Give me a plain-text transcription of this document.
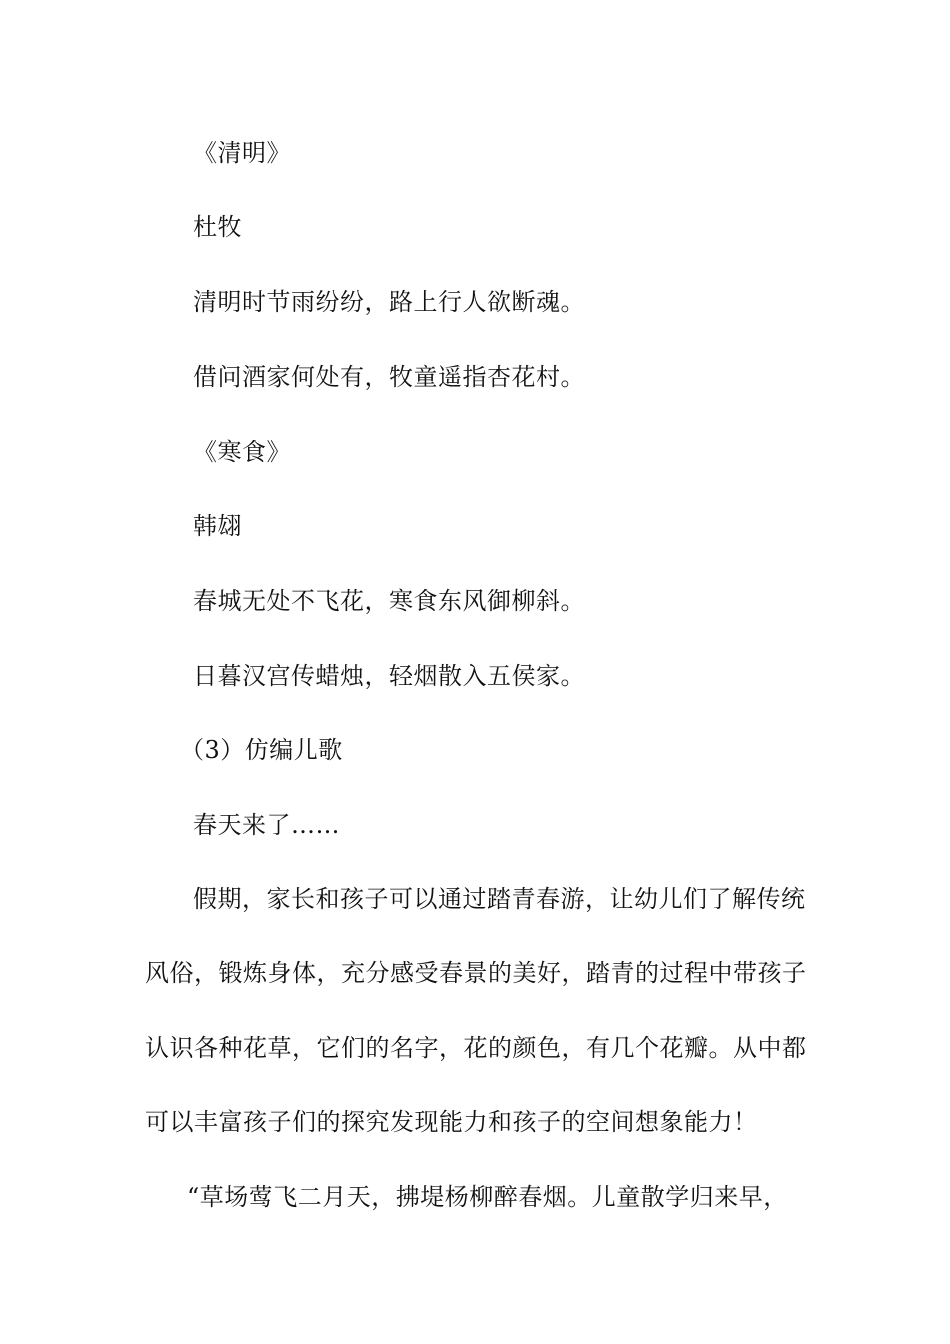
《清明》
杜牧
清明时节雨纷纷，路上行人欲断魂。
借问酒家何处有，牧童遥指杏花村。
《寒食》
韩翃
春城无处不飞花，寒食东风御柳斜。
日暮汉宫传蜡烛，轻烟散入五侯家。
（3）仿编儿歌
春天来了……
假期，家长和孩子可以通过踏青春游，让幼儿们了解传统
风俗，锻炼身体，充分感受春景的美好，踏青的过程中带孩子
认识各种花草，它们的名字，花的颜色，有几个花瓣。从中都
可以丰富孩子们的探究发现能力和孩子的空间想象能力！
“草场莺飞二月天，拂堤杨柳醉春烟。儿童散学归来早，
